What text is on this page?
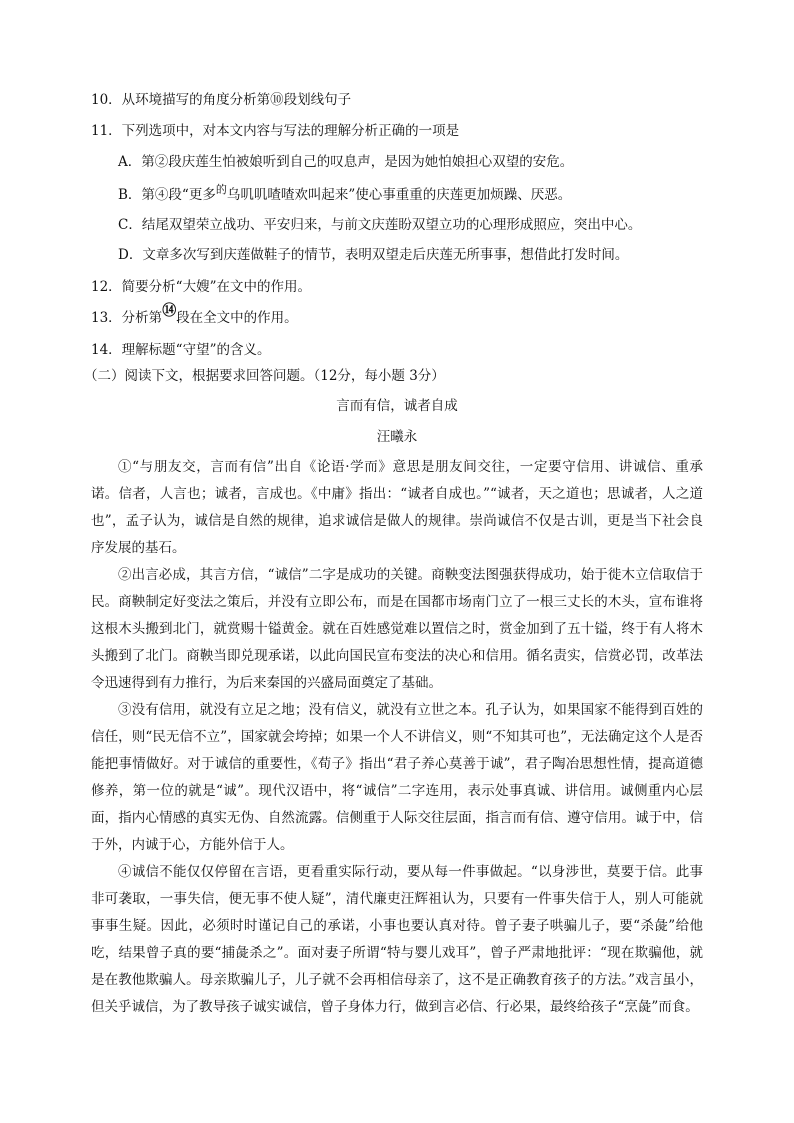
10．从环境描写的角度分析第⑩段划线句子
11．下列选项中，对本文内容与写法的理解分析正确的一项是
A．第②段庆莲生怕被娘听到自己的叹息声，是因为她怕娘担心双望的安危。
B．第④段“更多$^的$乌叽叽喳喳欢叫起来”使心事重重的庆莲更加烦躁、厌恶。
C．结尾双望荣立战功、平安归来，与前文庆莲盼双望立功的心理形成照应，突出中心。
D．文章多次写到庆莲做鞋子的情节，表明双望走后庆莲无所事事，想借此打发时间。
12．简要分析“大嫂”在文中的作用。
13．分析第⑭段在全文中的作用。
14．理解标题“守望”的含义。
（二）阅读下文，根据要求回答问题。（12分，每小题 3分）
言而有信，诚者自成
汪曦永

①“与朋友交，言而有信”出自《论语·学而》意思是朋友间交往，一定要守信用、讲诚信、重承诺。信者，人言也；诚者，言成也。《中庸》指出：“诚者自成也。”“诚者，天之道也；思诚者，人之道也”，孟子认为，诚信是自然的规律，追求诚信是做人的规律。崇尚诚信不仅是古训，更是当下社会良序发展的基石。

②出言必成，其言方信，“诚信”二字是成功的关键。商鞅变法图强获得成功，始于徙木立信取信于民。商鞅制定好变法之策后，并没有立即公布，而是在国都市场南门立了一根三丈长的木头，宣布谁将这根木头搬到北门，就赏赐十镒黄金。就在百姓感觉难以置信之时，赏金加到了五十镒，终于有人将木头搬到了北门。商鞅当即兑现承诺，以此向国民宣布变法的决心和信用。循名责实，信赏必罚，改革法令迅速得到有力推行，为后来秦国的兴盛局面奠定了基础。

③没有信用，就没有立足之地；没有信义，就没有立世之本。孔子认为，如果国家不能得到百姓的信任，则“民无信不立”，国家就会垮掉；如果一个人不讲信义，则“不知其可也”，无法确定这个人是否能把事情做好。对于诚信的重要性，《荀子》指出“君子养心莫善于诚”，君子陶冶思想性情，提高道德修养，第一位的就是“诚”。现代汉语中，将“诚信”二字连用，表示处事真诚、讲信用。诚侧重内心层面，指内心情感的真实无伪、自然流露。信侧重于人际交往层面，指言而有信、遵守信用。诚于中，信于外，内诚于心，方能外信于人。

④诚信不能仅仅停留在言语，更看重实际行动，要从每一件事做起。“以身涉世，莫要于信。此事非可袭取，一事失信，便无事不使人疑”，清代廉吏汪辉祖认为，只要有一件事失信于人，别人可能就事事生疑。因此，必须时时谨记自己的承诺，小事也要认真对待。曾子妻子哄骗儿子，要“杀彘”给他吃，结果曾子真的要“捕彘杀之”。面对妻子所谓“特与婴儿戏耳”，曾子严肃地批评：“现在欺骗他，就是在教他欺骗人。母亲欺骗儿子，儿子就不会再相信母亲了，这不是正确教育孩子的方法。”戏言虽小，但关乎诚信，为了教导孩子诚实诚信，曾子身体力行，做到言必信、行必果，最终给孩子“烹彘”而食。
